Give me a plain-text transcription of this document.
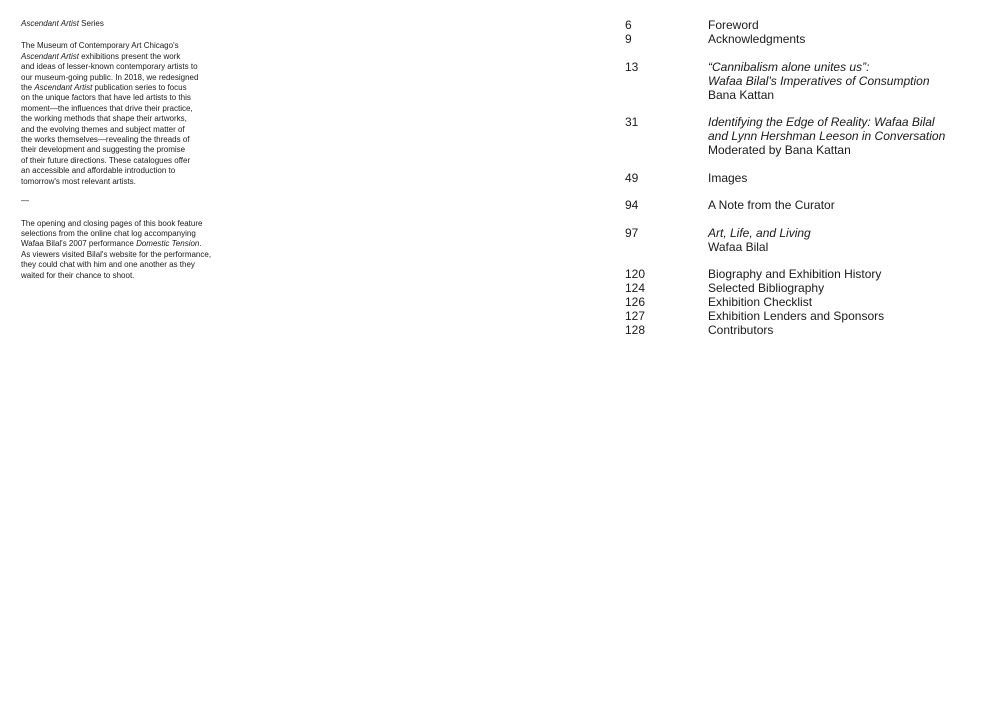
Ascendant Artist Series

The Museum of Contemporary Art Chicago's
Ascendant Artist exhibitions present the work
and ideas of lesser-known contemporary artists to
our museum-going public. In 2018, we redesigned
the Ascendant Artist publication series to focus
on the unique factors that have led artists to this
moment—the influences that drive their practice,
the working methods that shape their artworks,
and the evolving themes and subject matter of
the works themselves—revealing the threads of
their development and suggesting the promise
of their future directions. These catalogues offer
an accessible and affordable introduction to
tomorrow's most relevant artists.

—

The opening and closing pages of this book feature
selections from the online chat log accompanying
Wafaa Bilal's 2007 performance Domestic Tension.
As viewers visited Bilal's website for the performance,
they could chat with him and one another as they
waited for their chance to shoot.

6	Foreword
9	Acknowledgments
13	“Cannibalism alone unites us”:
Wafaa Bilal's Imperatives of Consumption
Bana Kattan
31	Identifying the Edge of Reality: Wafaa Bilal
and Lynn Hershman Leeson in Conversation
Moderated by Bana Kattan
49	Images
94	A Note from the Curator
97	Art, Life, and Living
Wafaa Bilal
120	Biography and Exhibition History
124	Selected Bibliography
126	Exhibition Checklist
127	Exhibition Lenders and Sponsors
128	Contributors
